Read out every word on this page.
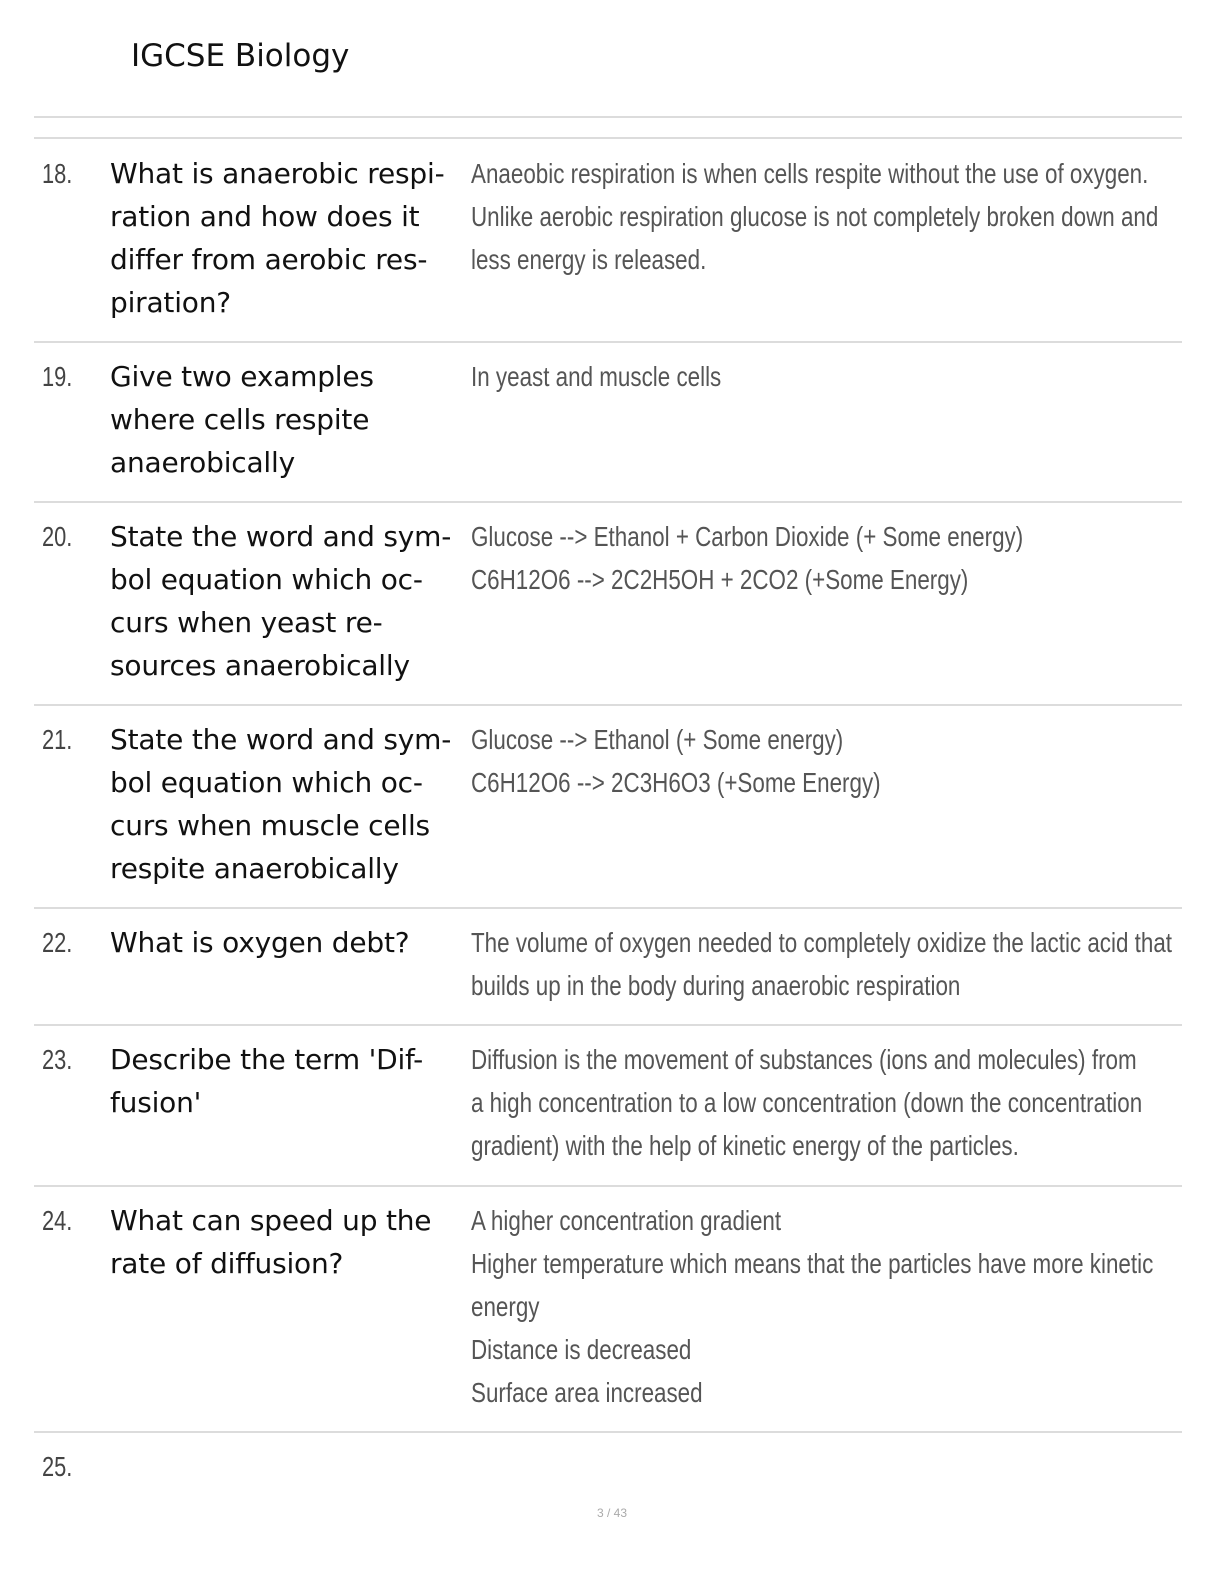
IGCSE Biology
18. What is anaerobic respi-
ration and how does it
differ from aerobic res-
piration?
Anaeobic respiration is when cells respite without the use of oxygen.
Unlike aerobic respiration glucose is not completely broken down and
less energy is released.
19. Give two examples
where cells respite
anaerobically
In yeast and muscle cells
20. State the word and sym-
bol equation which oc-
curs when yeast re-
sources anaerobically
Glucose --> Ethanol + Carbon Dioxide (+ Some energy)
C6H12O6 --> 2C2H5OH + 2CO2 (+Some Energy)
21. State the word and sym-
bol equation which oc-
curs when muscle cells
respite anaerobically
Glucose --> Ethanol (+ Some energy)
C6H12O6 --> 2C3H6O3 (+Some Energy)
22. What is oxygen debt?	The volume of oxygen needed to completely oxidize the lactic acid that
builds up in the body during anaerobic respiration
23. Describe the term 'Dif-
fusion'
Diffusion is the movement of substances (ions and molecules) from
a high concentration to a low concentration (down the concentration
gradient) with the help of kinetic energy of the particles.
24. What can speed up the
rate of diffusion?
A higher concentration gradient
Higher temperature which means that the particles have more kinetic
energy
Distance is decreased
Surface area increased
25.
3 / 43
